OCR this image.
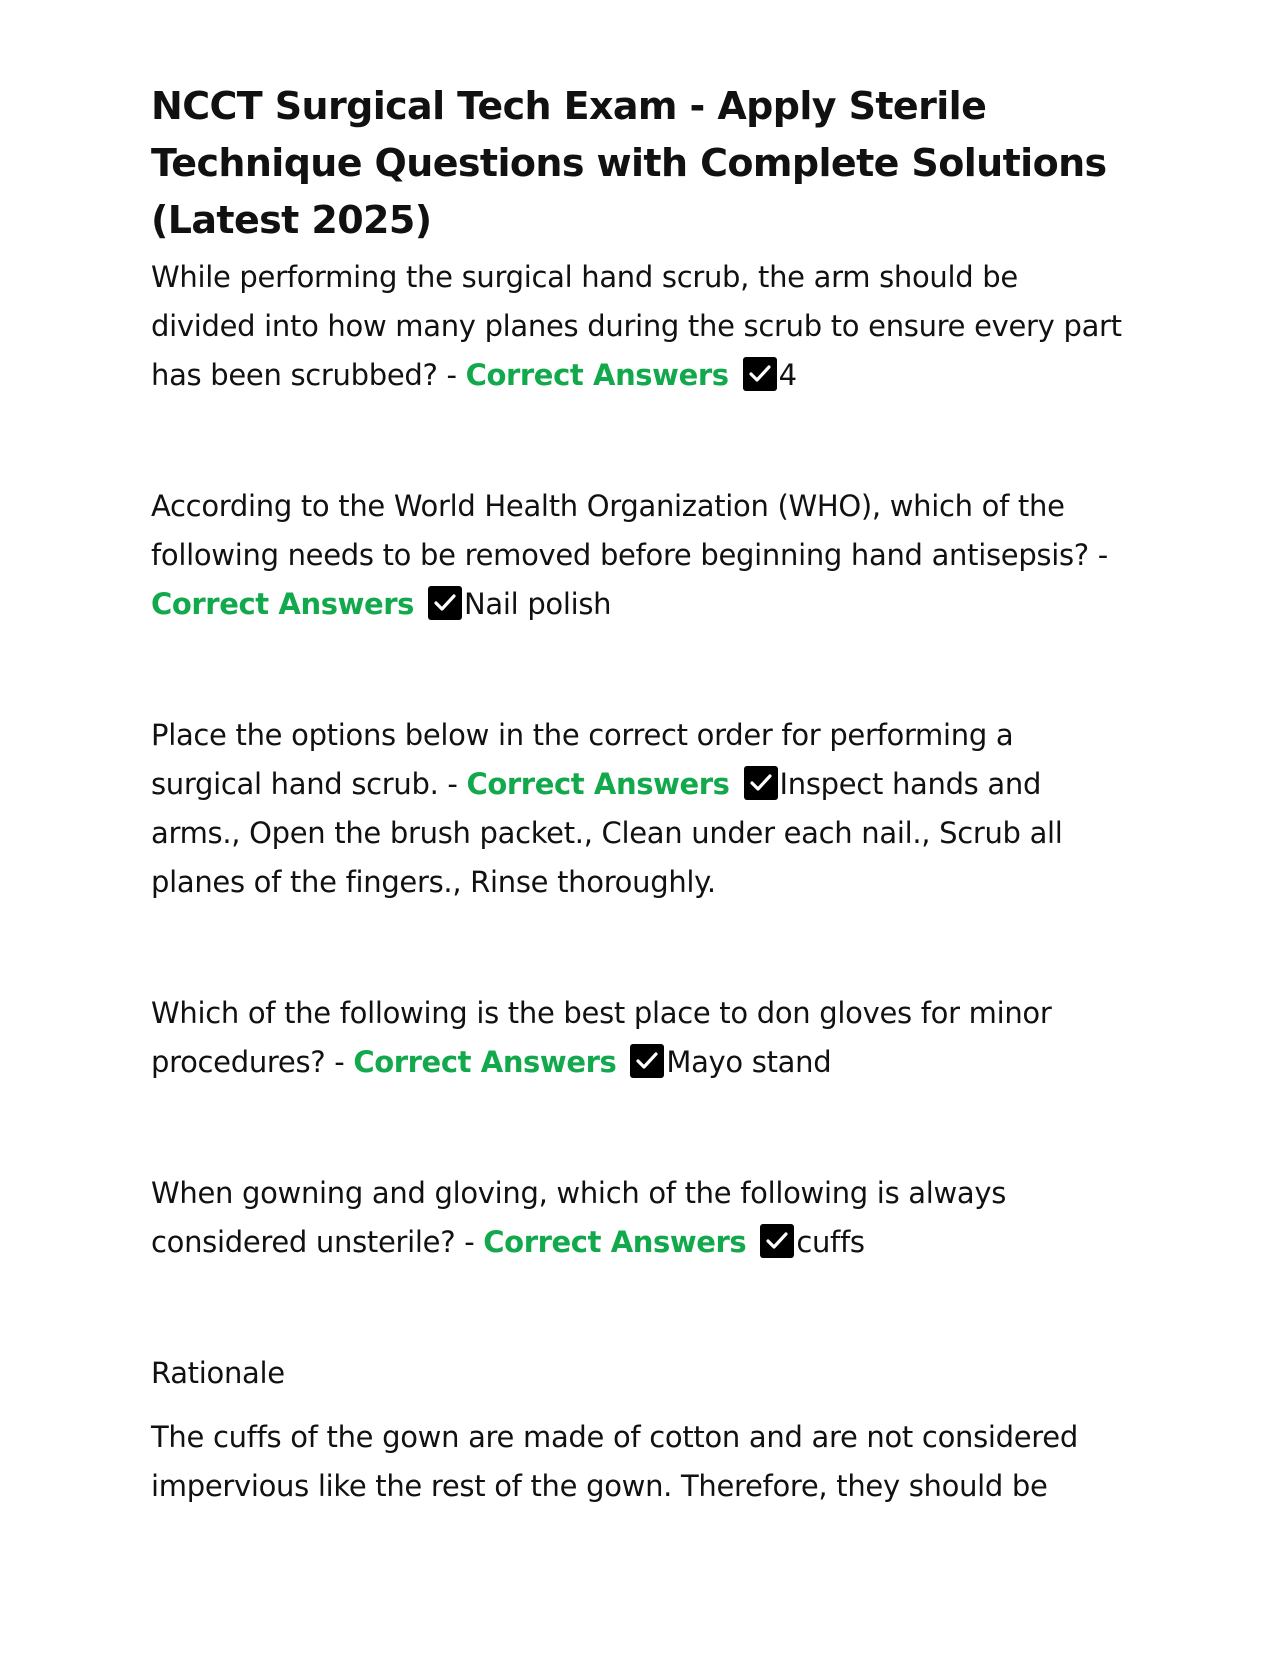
NCCT Surgical Tech Exam - Apply Sterile Technique Questions with Complete Solutions (Latest 2025)

While performing the surgical hand scrub, the arm should be divided into how many planes during the scrub to ensure every part has been scrubbed? - Correct Answers 4

According to the World Health Organization (WHO), which of the following needs to be removed before beginning hand antisepsis? - Correct Answers Nail polish

Place the options below in the correct order for performing a surgical hand scrub. - Correct Answers Inspect hands and arms., Open the brush packet., Clean under each nail., Scrub all planes of the fingers., Rinse thoroughly.

Which of the following is the best place to don gloves for minor procedures? - Correct Answers Mayo stand

When gowning and gloving, which of the following is always considered unsterile? - Correct Answers cuffs

Rationale

The cuffs of the gown are made of cotton and are not considered impervious like the rest of the gown. Therefore, they should be
